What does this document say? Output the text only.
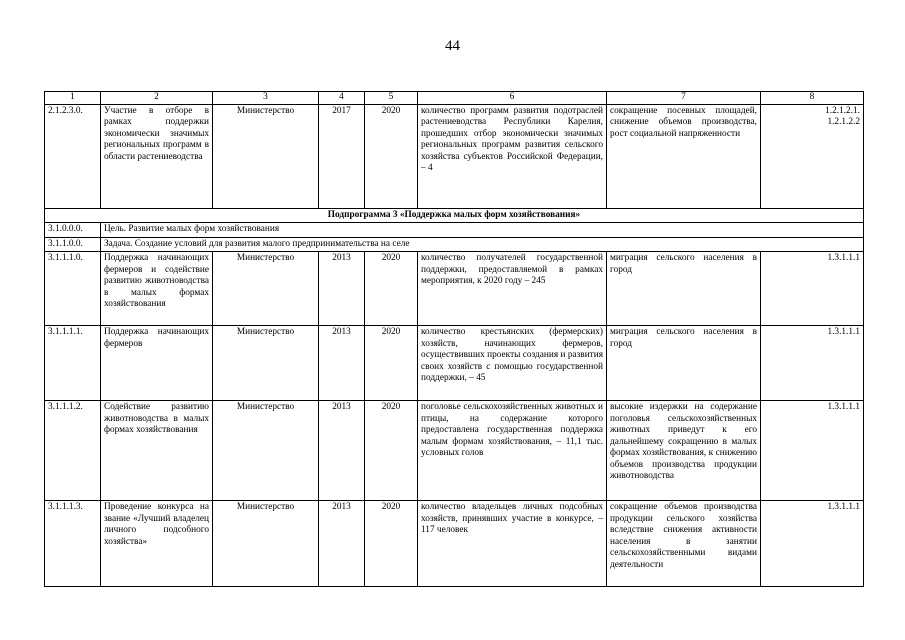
44
1	2	3	4	5	6	7	8
2.1.2.3.0.	Участие в отборе в рамках поддержки экономически значимых региональных программ в области растениеводства	Министерство	2017	2020	количество программ развития подотраслей растениеводства Республики Карелия, прошедших отбор экономически значимых региональных программ развития сельского хозяйства субъектов Российской Федерации, – 4	сокращение посевных площадей, снижение объемов производства, рост социальной напряженности	1.2.1.2.1.
1.2.1.2.2
Подпрограмма 3 «Поддержка малых форм хозяйствования»							
3.1.0.0.0.	Цель. Развитие малых форм хозяйствования						
3.1.1.0.0.	Задача. Создание условий для развития малого предпринимательства на селе						
3.1.1.1.0.	Поддержка начинающих фермеров и содействие развитию животноводства в малых формах хозяйствования	Министерство	2013	2020	количество получателей государственной поддержки, предоставляемой в рамках мероприятия, к 2020 году – 245	миграция сельского населения в город	1.3.1.1.1
3.1.1.1.1.	Поддержка начинающих фермеров	Министерство	2013	2020	количество крестьянских (фермерских) хозяйств, начинающих фермеров, осуществивших проекты создания и развития своих хозяйств с помощью государственной поддержки, – 45	миграция сельского населения в город	1.3.1.1.1
3.1.1.1.2.	Содействие развитию животноводства в малых формах хозяйствования	Министерство	2013	2020	поголовье сельскохозяйственных животных и птицы, на содержание которого предоставлена государственная поддержка малым формам хозяйствования, – 11,1 тыс. условных голов	высокие издержки на содержание поголовья сельскохозяйственных животных приведут к его дальнейшему сокращению в малых формах хозяйствования, к снижению объемов производства продукции животноводства	1.3.1.1.1
3.1.1.1.3.	Проведение конкурса на звание «Лучший владелец личного подсобного хозяйства»	Министерство	2013	2020	количество владельцев личных подсобных хозяйств, принявших участие в конкурсе, – 117 человек	сокращение объемов производства продукции сельского хозяйства вследствие снижения активности населения в занятии сельскохозяйственными видами деятельности	1.3.1.1.1
